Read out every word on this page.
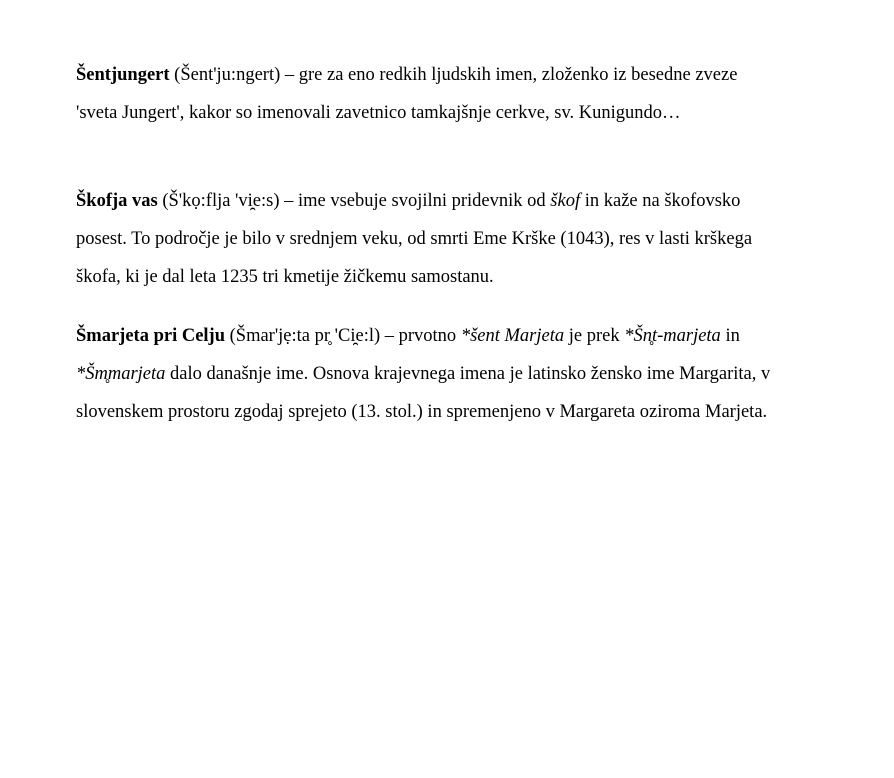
Šentjungert (Šent'ju:ngert) – gre za eno redkih ljudskih imen, zloženko iz besedne zveze
'sveta Jungert', kakor so imenovali zavetnico tamkajšnje cerkve, sv. Kunigundo…

Škofja vas (Š'kọ:flja 'vi̯e:s) – ime vsebuje svojilni pridevnik od škof in kaže na škofovsko
posest. To področje je bilo v srednjem veku, od smrti Eme Krške (1043), res v lasti krškega
škofa, ki je dal leta 1235 tri kmetije žičkemu samostanu.

Šmarjeta pri Celju (Šmar'jẹ:ta pr̥ 'Ci̯e:l) – prvotno *šent Marjeta je prek *Šn̥t-marjeta in
*Šm̥marjeta dalo današnje ime. Osnova krajevnega imena je latinsko žensko ime Margarita, v
slovenskem prostoru zgodaj sprejeto (13. stol.) in spremenjeno v Margareta oziroma Marjeta.
